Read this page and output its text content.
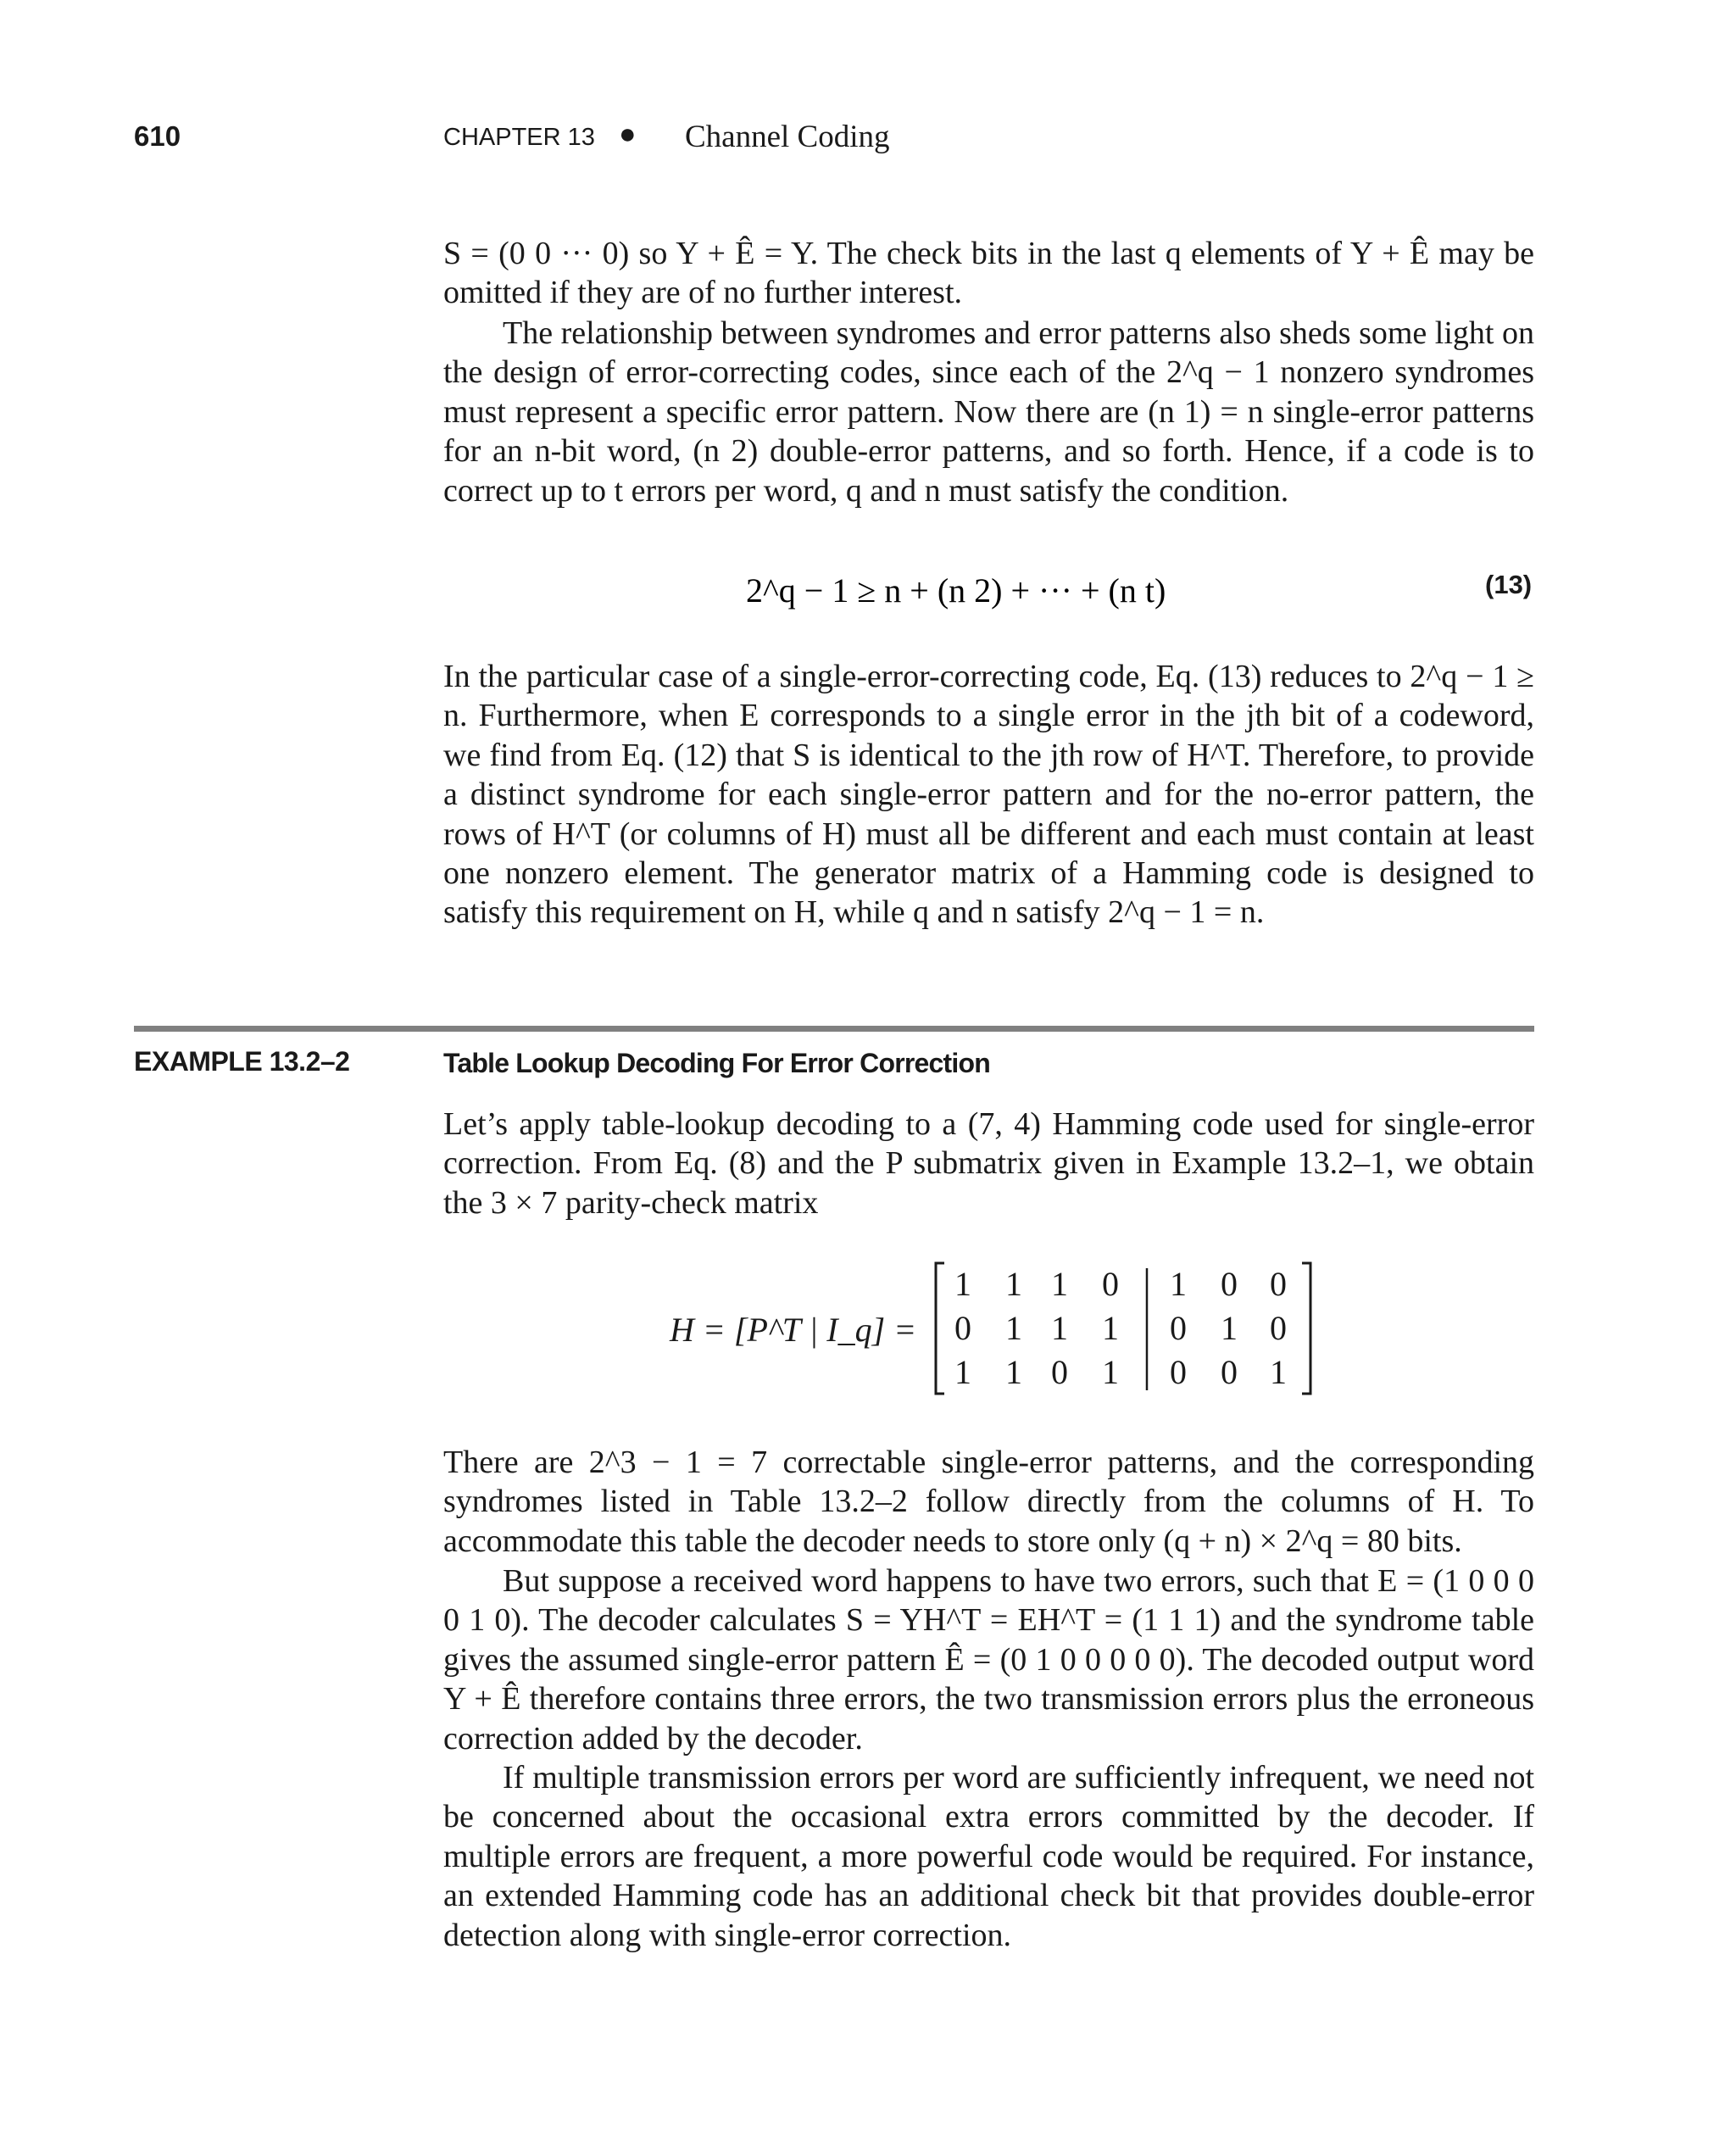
610	CHAPTER 13 ● Channel Coding

S = (0 0 ··· 0) so Y + Ê = Y. The check bits in the last q elements of Y + Ê may be omitted if they are of no further interest.

The relationship between syndromes and error patterns also sheds some light on the design of error-correcting codes, since each of the 2^q − 1 nonzero syndromes must represent a specific error pattern. Now there are (n 1) = n single-error patterns for an n-bit word, (n 2) double-error patterns, and so forth. Hence, if a code is to correct up to t errors per word, q and n must satisfy the condition.

2^q − 1 ≥ n + (n 2) + ··· + (n t)	(13)

In the particular case of a single-error-correcting code, Eq. (13) reduces to 2^q − 1 ≥ n. Furthermore, when E corresponds to a single error in the jth bit of a codeword, we find from Eq. (12) that S is identical to the jth row of H^T. Therefore, to provide a distinct syndrome for each single-error pattern and for the no-error pattern, the rows of H^T (or columns of H) must all be different and each must contain at least one nonzero element. The generator matrix of a Hamming code is designed to satisfy this requirement on H, while q and n satisfy 2^q − 1 = n.

EXAMPLE 13.2–2	Table Lookup Decoding For Error Correction

Let’s apply table-lookup decoding to a (7, 4) Hamming code used for single-error correction. From Eq. (8) and the P submatrix given in Example 13.2–1, we obtain the 3 × 7 parity-check matrix

H = [P^T | I_q] =
1 1 1 0 1 0 0
0 1 1 1 0 1 0
1 1 0 1 0 0 1

There are 2^3 − 1 = 7 correctable single-error patterns, and the corresponding syndromes listed in Table 13.2–2 follow directly from the columns of H. To accommodate this table the decoder needs to store only (q + n) × 2^q = 80 bits.

But suppose a received word happens to have two errors, such that E = (1 0 0 0 0 1 0). The decoder calculates S = YH^T = EH^T = (1 1 1) and the syndrome table gives the assumed single-error pattern Ê = (0 1 0 0 0 0 0). The decoded output word Y + Ê therefore contains three errors, the two transmission errors plus the erroneous correction added by the decoder.

If multiple transmission errors per word are sufficiently infrequent, we need not be concerned about the occasional extra errors committed by the decoder. If multiple errors are frequent, a more powerful code would be required. For instance, an extended Hamming code has an additional check bit that provides double-error detection along with single-error correction.
